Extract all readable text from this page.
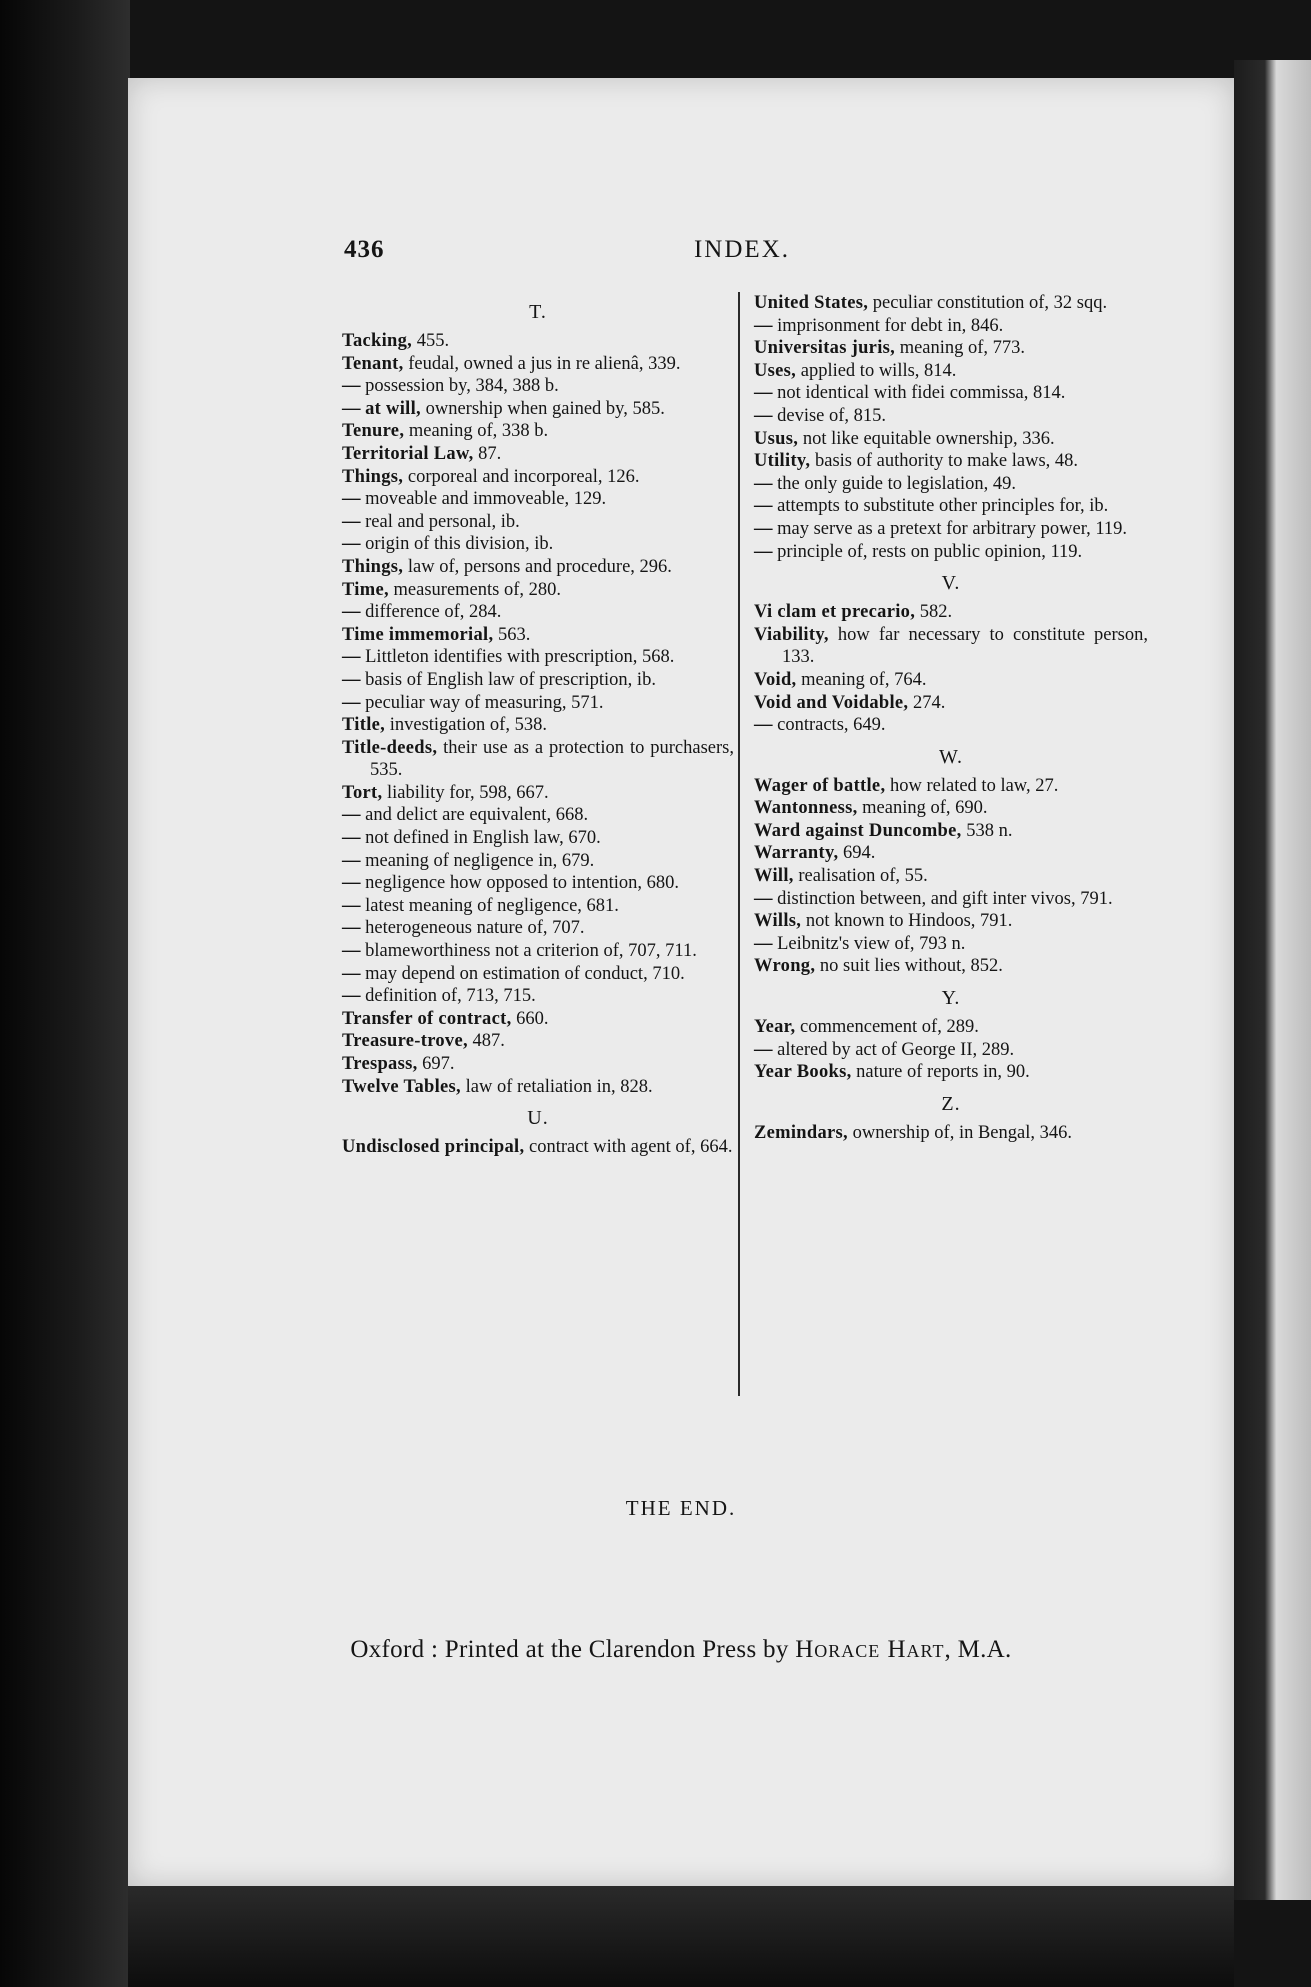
436	INDEX.
T.
Tacking, 455.
Tenant, feudal, owned a jus in re alienâ, 339.
— possession by, 384, 388 b.
— at will, ownership when gained by, 585.
Tenure, meaning of, 338 b.
Territorial Law, 87.
Things, corporeal and incorporeal, 126.
— moveable and immoveable, 129.
— real and personal, ib.
— origin of this division, ib.
Things, law of, persons and procedure, 296.
Time, measurements of, 280.
— difference of, 284.
Time immemorial, 563.
— Littleton identifies with prescription, 568.
— basis of English law of prescription, ib.
— peculiar way of measuring, 571.
Title, investigation of, 538.
Title-deeds, their use as a protection to purchasers, 535.
Tort, liability for, 598, 667.
— and delict are equivalent, 668.
— not defined in English law, 670.
— meaning of negligence in, 679.
— negligence how opposed to intention, 680.
— latest meaning of negligence, 681.
— heterogeneous nature of, 707.
— blameworthiness not a criterion of, 707, 711.
— may depend on estimation of conduct, 710.
— definition of, 713, 715.
Transfer of contract, 660.
Treasure-trove, 487.
Trespass, 697.
Twelve Tables, law of retaliation in, 828.
U.
Undisclosed principal, contract with agent of, 664.
United States, peculiar constitution of, 32 sqq.
— imprisonment for debt in, 846.
Universitas juris, meaning of, 773.
Uses, applied to wills, 814.
— not identical with fidei commissa, 814.
— devise of, 815.
Usus, not like equitable ownership, 336.
Utility, basis of authority to make laws, 48.
— the only guide to legislation, 49.
— attempts to substitute other principles for, ib.
— may serve as a pretext for arbitrary power, 119.
— principle of, rests on public opinion, 119.
V.
Vi clam et precario, 582.
Viability, how far necessary to constitute person, 133.
Void, meaning of, 764.
Void and Voidable, 274.
— contracts, 649.
W.
Wager of battle, how related to law, 27.
Wantonness, meaning of, 690.
Ward against Duncombe, 538 n.
Warranty, 694.
Will, realisation of, 55.
— distinction between, and gift inter vivos, 791.
Wills, not known to Hindoos, 791.
— Leibnitz's view of, 793 n.
Wrong, no suit lies without, 852.
Y.
Year, commencement of, 289.
— altered by act of George II, 289.
Year Books, nature of reports in, 90.
Z.
Zemindars, ownership of, in Bengal, 346.
THE END.
Oxford : Printed at the Clarendon Press by Horace Hart, M.A.
